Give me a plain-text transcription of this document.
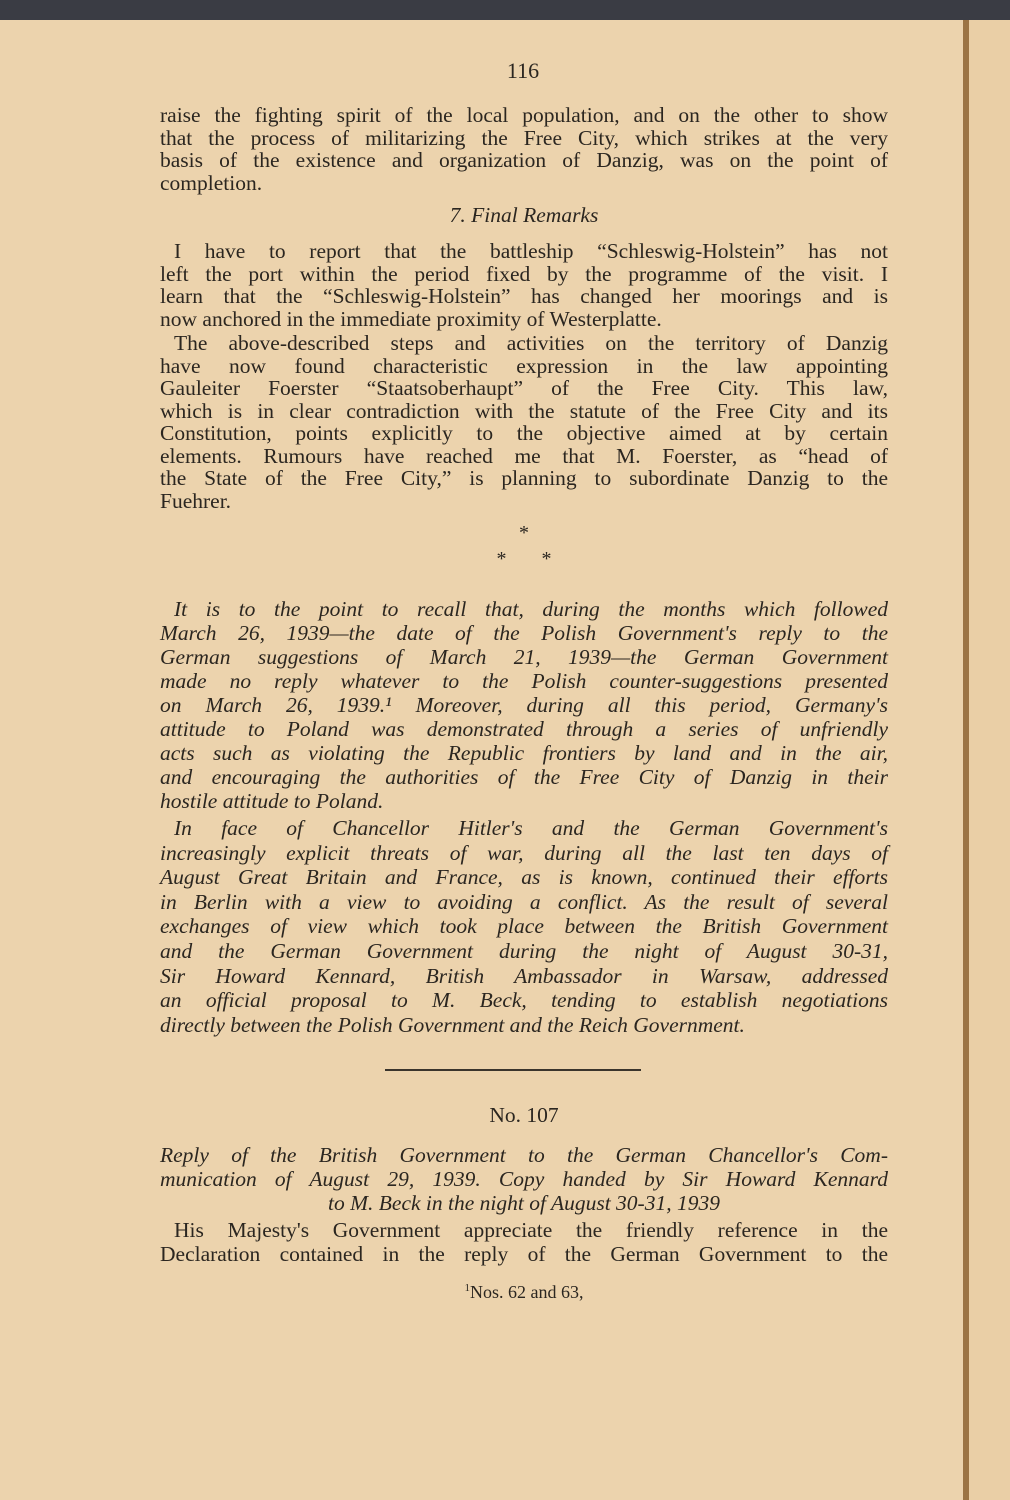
116
7. Final Remarks
*
* *
No. 107
$^1$Nos. 62 and 63,
raise the fighting spirit of the local population, and on the other to show
that the process of militarizing the Free City, which strikes at the very
basis of the existence and organization of Danzig, was on the point of
completion.
I have to report that the battleship “Schleswig-Holstein” has not
left the port within the period fixed by the programme of the visit. I
learn that the “Schleswig-Holstein” has changed her moorings and is
now anchored in the immediate proximity of Westerplatte.
The above-described steps and activities on the territory of Danzig
have now found characteristic expression in the law appointing
Gauleiter Foerster “Staatsoberhaupt” of the Free City. This law,
which is in clear contradiction with the statute of the Free City and its
Constitution, points explicitly to the objective aimed at by certain
elements. Rumours have reached me that M. Foerster, as “head of
the State of the Free City,” is planning to subordinate Danzig to the
Fuehrer.
It is to the point to recall that, during the months which followed
March 26, 1939—the date of the Polish Government's reply to the
German suggestions of March 21, 1939—the German Government
made no reply whatever to the Polish counter-suggestions presented
on March 26, 1939.¹ Moreover, during all this period, Germany's
attitude to Poland was demonstrated through a series of unfriendly
acts such as violating the Republic frontiers by land and in the air,
and encouraging the authorities of the Free City of Danzig in their
hostile attitude to Poland.
In face of Chancellor Hitler's and the German Government's
increasingly explicit threats of war, during all the last ten days of
August Great Britain and France, as is known, continued their efforts
in Berlin with a view to avoiding a conflict. As the result of several
exchanges of view which took place between the British Government
and the German Government during the night of August 30-31,
Sir Howard Kennard, British Ambassador in Warsaw, addressed
an official proposal to M. Beck, tending to establish negotiations
directly between the Polish Government and the Reich Government.
Reply of the British Government to the German Chancellor's Com-
munication of August 29, 1939. Copy handed by Sir Howard Kennard
to M. Beck in the night of August 30-31, 1939
His Majesty's Government appreciate the friendly reference in the
Declaration contained in the reply of the German Government to the
